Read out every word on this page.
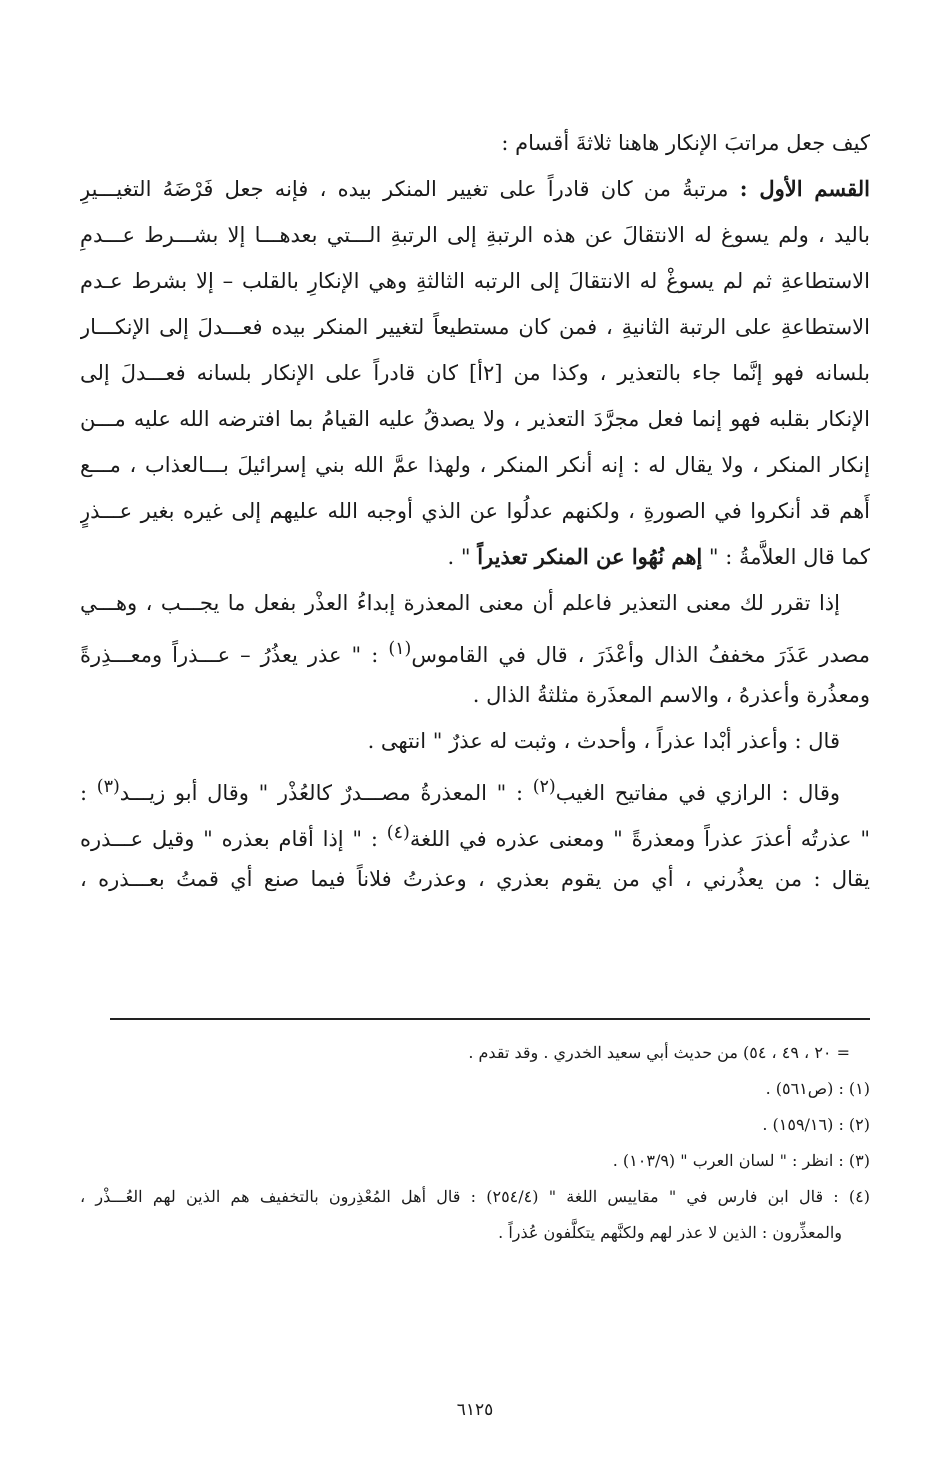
كيف جعل مراتبَ الإنكار هاهنا ثلاثةَ أقسام :
القسم الأول : مرتبةُ من كان قادراً على تغيير المنكر بيده ، فإنه جعل فَرْضَهُ التغيـــيرِ
باليد ، ولم يسوغ له الانتقالَ عن هذه الرتبةِ إلى الرتبةِ الـــتي بعدهـــا إلا بشـــرط عـــدمِ
الاستطاعةِ ثم لم يسوغْ له الانتقالَ إلى الرتبه الثالثةِ وهي الإنكارِ بالقلب – إلا بشرط عـدم
الاستطاعةِ على الرتبة الثانيةِ ، فمن كان مستطيعاً لتغيير المنكر بيده فعـــدلَ إلى الإنكـــار
بلسانه فهو إنَّما جاء بالتعذير ، وكذا من [٢أ] كان قادراً على الإنكار بلسانه فعـــدلَ إلى
الإنكار بقلبه فهو إنما فعل مجرَّدَ التعذير ، ولا يصدقُ عليه القيامُ بما افترضه الله عليه مـــن
إنكار المنكر ، ولا يقال له : إنه أنكر المنكر ، ولهذا عمَّ الله بني إسرائيلَ بـــالعذاب ، مـــع
أَهم قد أنكروا في الصورةِ ، ولكنهم عدلُوا عن الذي أوجبه الله عليهم إلى غيره بغير عـــذرٍ
كما قال العلاَّمةُ : " إهم نُهُوا عن المنكر تعذيراً " .
إذا تقرر لك معنى التعذير فاعلم أن معنى المعذرة إبداءُ العذْر بفعل ما يجـــب ، وهـــي
مصدر عَذَرَ مخففُ الذال وأعْذَرَ ، قال في القاموس$^{(١)}$ : " عذر يعذُرُ – عـــذراً ومعـــذِرةً
ومعذُرة وأعذرهُ ، والاسم المعذَرة مثلثةُ الذال .
قال : وأعذر أبْدا عذراً ، وأحدث ، وثبت له عذرٌ " انتهى .
وقال : الرازي في مفاتيح الغيب$^{(٢)}$ : " المعذرةُ مصـــدرٌ كالعُذْر " وقال أبو زيـــد$^{(٣)}$ :
" عذرتُه أعذرَ عذراً ومعذرةً " ومعنى عذره في اللغة$^{(٤)}$ : " إذا أقام بعذره " وقيل عـــذره
يقال : من يعذُرني ، أي من يقوم بعذري ، وعذرتُ فلاناً فيما صنع أي قمتُ بعـــذره ،
= ٢٠ ، ٤٩ ، ٥٤) من حديث أبي سعيد الخدري . وقد تقدم .
(١) : (ص٥٦١) .
(٢) : (١٥٩/١٦) .
(٣) : انظر : " لسان العرب " (١٠٣/٩) .
(٤) : قال ابن فارس في " مقاييس اللغة " (٢٥٤/٤) : قال أهل المُعْذِرون بالتخفيف هم الذين لهم العُـــذْر ،
والمعذِّرون : الذين لا عذر لهم ولكنَّهم يتكلَّفون عُذراً .
٦١٢٥
